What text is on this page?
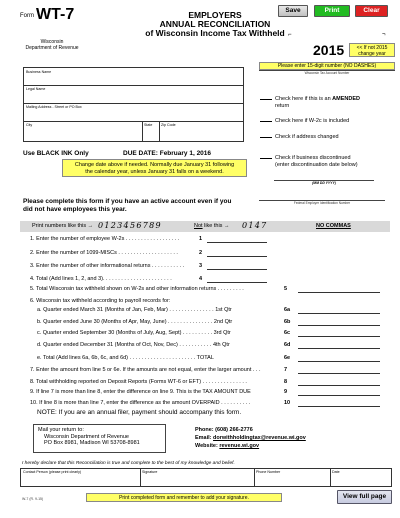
Save	Print	Clear
Form WT-7
Wisconsin
Department of Revenue
EMPLOYERS
ANNUAL RECONCILIATION
of Wisconsin Income Tax Withheld ⌐	¬
2015	<< If not 2015 change year
Please enter 15-digit number (NO DASHES)
Wisconsin Tax Account Number
Business Name
Legal Name
Mailing Address - Street or PO Box
City	State Zip Code
Check here if this is an AMENDED
return
Check here if W-2c is included
Check if address changed
Check if business discontinued
(enter discontinuation date below)
(MM DD YYYY)
Use BLACK INK Only	DUE DATE: February 1, 2016
Change date above if needed. Normally due January 31 following
the calendar year, unless January 31 falls on a weekend.
Federal Employer Identification Number
Please complete this form if you have an active account even if you
did not have employees this year.
Print numbers like this → 0123456789	Not like this → 0147	NO COMMAS
1. Enter the number of employee W-2s . . . . . . . . . . . . . . . . . .	1
2. Enter the number of 1099-MISCs . . . . . . . . . . . . . . . . . . . .	2
3. Enter the number of other informational returns . . . . . . . . . . .	3
4. Total (Add lines 1, 2, and 3). . . . . . . . . . . . . . . . . . . . . . .	4
5. Total Wisconsin tax withheld shown on W-2s and other information returns . . . . . . . . .	5
6. Wisconsin tax withheld according to payroll records for:
a. Quarter ended March 31 (Months of Jan, Feb, Mar) . . . . . . . . . . . . . . . 1st Qtr	6a
b. Quarter ended June 30 (Months of Apr, May, June) . . . . . . . . . . . . . . . 2nd Qtr	6b
c. Quarter ended September 30 (Months of July, Aug, Sept) . . . . . . . . . . 3rd Qtr	6c
d. Quarter ended December 31 (Months of Oct, Nov, Dec) . . . . . . . . . . . 4th Qtr	6d
e. Total (Add lines 6a, 6b, 6c, and 6d) . . . . . . . . . . . . . . . . . . . . . . TOTAL	6e
7. Enter the amount from line 5 or 6e. If the amounts are not equal, enter the larger amount . . .	7
8. Total withholding reported on Deposit Reports (Forms WT-6 or EFT) . . . . . . . . . . . . . . .	8
9. If line 7 is more than line 8, enter the difference on line 9. This is the TAX AMOUNT DUE	9
10. If line 8 is more than line 7, enter the difference as the amount OVERPAID . . . . . . . . . .	10
NOTE: If you are an annual filer, payment should accompany this form.
Mail your return to:
Wisconsin Department of Revenue
PO Box 8981, Madison WI 53708-8981
Phone: (608) 266-2776
Email: dorwithholdingtax@revenue.wi.gov
Website: revenue.wi.gov
I hereby declare that this Reconciliation is true and complete to the best of my knowledge and belief.
Contact Person (please print clearly)	Signature	Phone Number	Date
W-7 (R. 9-15)	Print completed form and remember to add your signature.	View full page
